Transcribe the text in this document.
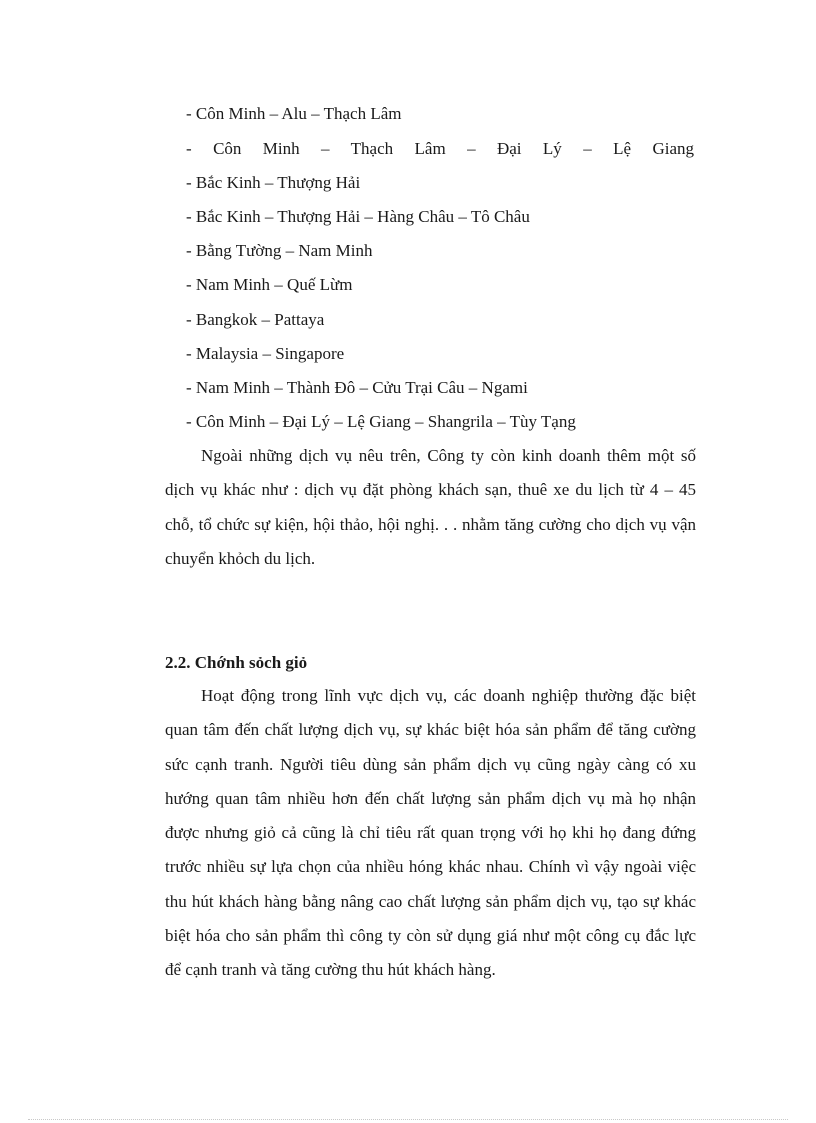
- Côn Minh – Alu – Thạch Lâm
- Côn Minh – Thạch Lâm – Đại Lý – Lệ Giang
- Bắc Kinh – Thượng Hải
- Bắc Kinh – Thượng Hải – Hàng Châu – Tô Châu
- Bằng Tường – Nam Minh
- Nam Minh – Quế Lừm
- Bangkok – Pattaya
- Malaysia – Singapore
- Nam Minh – Thành Đô – Cửu Trại Câu – Ngami
- Côn Minh – Đại Lý – Lệ Giang – Shangrila – Tùy Tạng
Ngoài những dịch vụ nêu trên, Công ty còn kinh doanh thêm một số
dịch vụ khác như : dịch vụ đặt phòng khách sạn, thuê xe du lịch từ 4 – 45
chỗ, tổ chức sự kiện, hội thảo, hội nghị. . . nhằm tăng cường cho dịch vụ vận
chuyển khỏch du lịch.
2.2. Chớnh sỏch giỏ
Hoạt động trong lĩnh vực dịch vụ, các doanh nghiệp thường đặc biệt
quan tâm đến chất lượng dịch vụ, sự khác biệt hóa sản phẩm để tăng cường
sức cạnh tranh. Người tiêu dùng sản phẩm dịch vụ cũng ngày càng có xu
hướng quan tâm nhiều hơn đến chất lượng sản phẩm dịch vụ mà họ nhận
được nhưng giỏ cả cũng là chỉ tiêu rất quan trọng với họ khi họ đang đứng
trước nhiều sự lựa chọn của nhiều hóng khác nhau. Chính vì vậy ngoài việc
thu hút khách hàng bằng nâng cao chất lượng sản phẩm dịch vụ, tạo sự khác
biệt hóa cho sản phẩm thì công ty còn sử dụng giá như một công cụ đắc lực
để cạnh tranh và tăng cường thu hút khách hàng.
